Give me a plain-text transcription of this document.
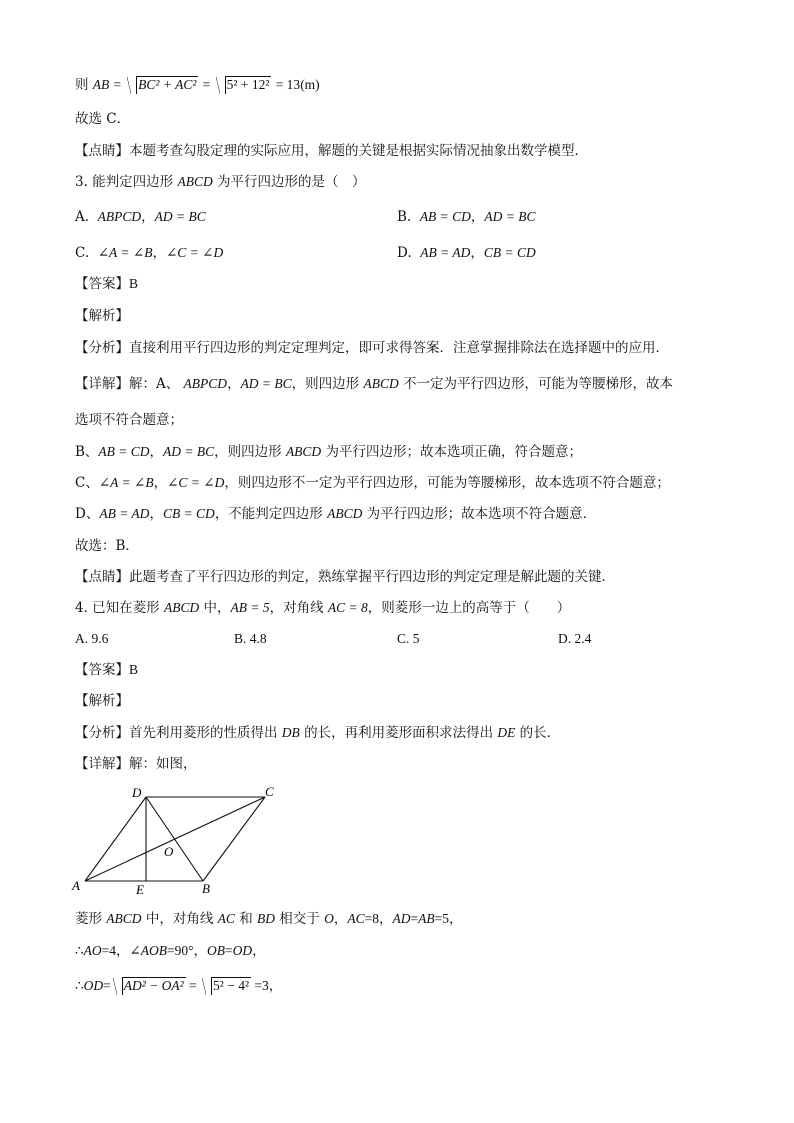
则 AB = BC² + AC² = 5² + 12² = 13(m)
故选 C．
【点睛】本题考查勾股定理的实际应用，解题的关键是根据实际情况抽象出数学模型．
3. 能判定四边形 ABCD 为平行四边形的是（　）
A. ABPCD，AD = BC	B. AB = CD，AD = BC
C. ∠A = ∠B，∠C = ∠D	D. AB = AD，CB = CD
【答案】B
【解析】
【分析】直接利用平行四边形的判定定理判定，即可求得答案．注意掌握排除法在选择题中的应用．
【详解】解：A、 ABPCD，AD = BC，则四边形 ABCD 不一定为平行四边形，可能为等腰梯形，故本
选项不符合题意；
B、AB = CD，AD = BC，则四边形 ABCD 为平行四边形；故本选项正确，符合题意；
C、∠A = ∠B，∠C = ∠D，则四边形不一定为平行四边形，可能为等腰梯形，故本选项不符合题意；
D、AB = AD，CB = CD，不能判定四边形 ABCD 为平行四边形；故本选项不符合题意．
故选：B．
【点睛】此题考查了平行四边形的判定，熟练掌握平行四边形的判定定理是解此题的关键．
4. 已知在菱形 ABCD 中，AB = 5，对角线 AC = 8，则菱形一边上的高等于（　　）
A. 9.6	B. 4.8	C. 5	D. 2.4
【答案】B
【解析】
【分析】首先利用菱形的性质得出 DB 的长，再利用菱形面积求法得出 DE 的长．
【详解】解：如图，
D	C
O
A	E	B
菱形 ABCD 中，对角线 AC 和 BD 相交于 O，AC=8，AD=AB=5，
∴AO=4，∠AOB=90°，OB=OD，
∴OD= AD² − OA² = 5² − 4² =3，
